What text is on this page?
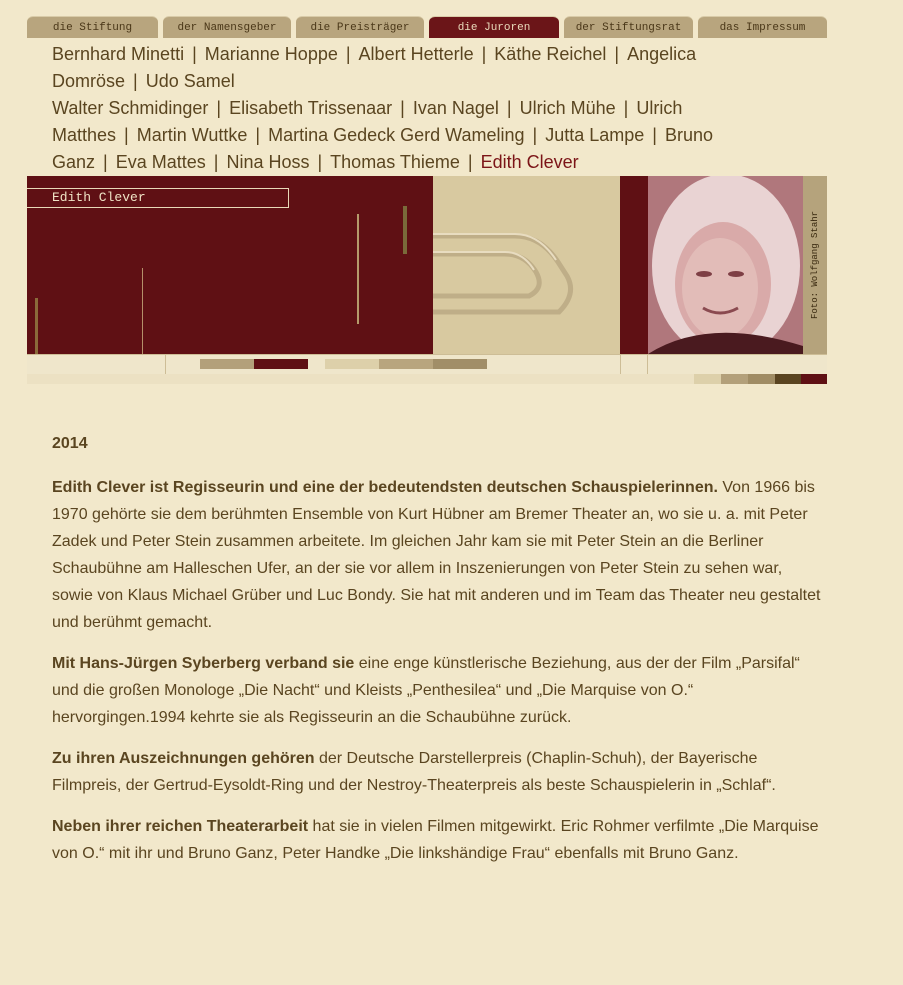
die Stiftung	der Namensgeber	die Preisträger	die Juroren	der Stiftungsrat	das Impressum

Bernhard Minetti | Marianne Hoppe | Albert Hetterle | Käthe Reichel | Angelica Domröse | Udo Samel

Walter Schmidinger | Elisabeth Trissenaar | Ivan Nagel | Ulrich Mühe | Ulrich Matthes | Martin Wuttke | Martina Gedeck Gerd Wameling | Jutta Lampe | Bruno Ganz | Eva Mattes | Nina Hoss | Thomas Thieme | Edith Clever

Edith Clever
Foto: Wolfgang Stahr

2014

Edith Clever ist Regisseurin und eine der bedeutendsten deutschen Schauspielerinnen. Von 1966 bis 1970 gehörte sie dem berühmten Ensemble von Kurt Hübner am Bremer Theater an, wo sie u. a. mit Peter Zadek und Peter Stein zusammen arbeitete. Im gleichen Jahr kam sie mit Peter Stein an die Berliner Schaubühne am Halleschen Ufer, an der sie vor allem in Inszenierungen von Peter Stein zu sehen war, sowie von Klaus Michael Grüber und Luc Bondy. Sie hat mit anderen und im Team das Theater neu gestaltet und berühmt gemacht.

Mit Hans-Jürgen Syberberg verband sie eine enge künstlerische Beziehung, aus der der Film „Parsifal“ und die großen Monologe „Die Nacht“ und Kleists „Penthesilea“ und „Die Marquise von O.“ hervorgingen.1994 kehrte sie als Regisseurin an die Schaubühne zurück.

Zu ihren Auszeichnungen gehören der Deutsche Darstellerpreis (Chaplin-Schuh), der Bayerische Filmpreis, der Gertrud-Eysoldt-Ring und der Nestroy-Theaterpreis als beste Schauspielerin in „Schlaf“.

Neben ihrer reichen Theaterarbeit hat sie in vielen Filmen mitgewirkt. Eric Rohmer verfilmte „Die Marquise von O.“ mit ihr und Bruno Ganz, Peter Handke „Die linkshändige Frau“ ebenfalls mit Bruno Ganz.
